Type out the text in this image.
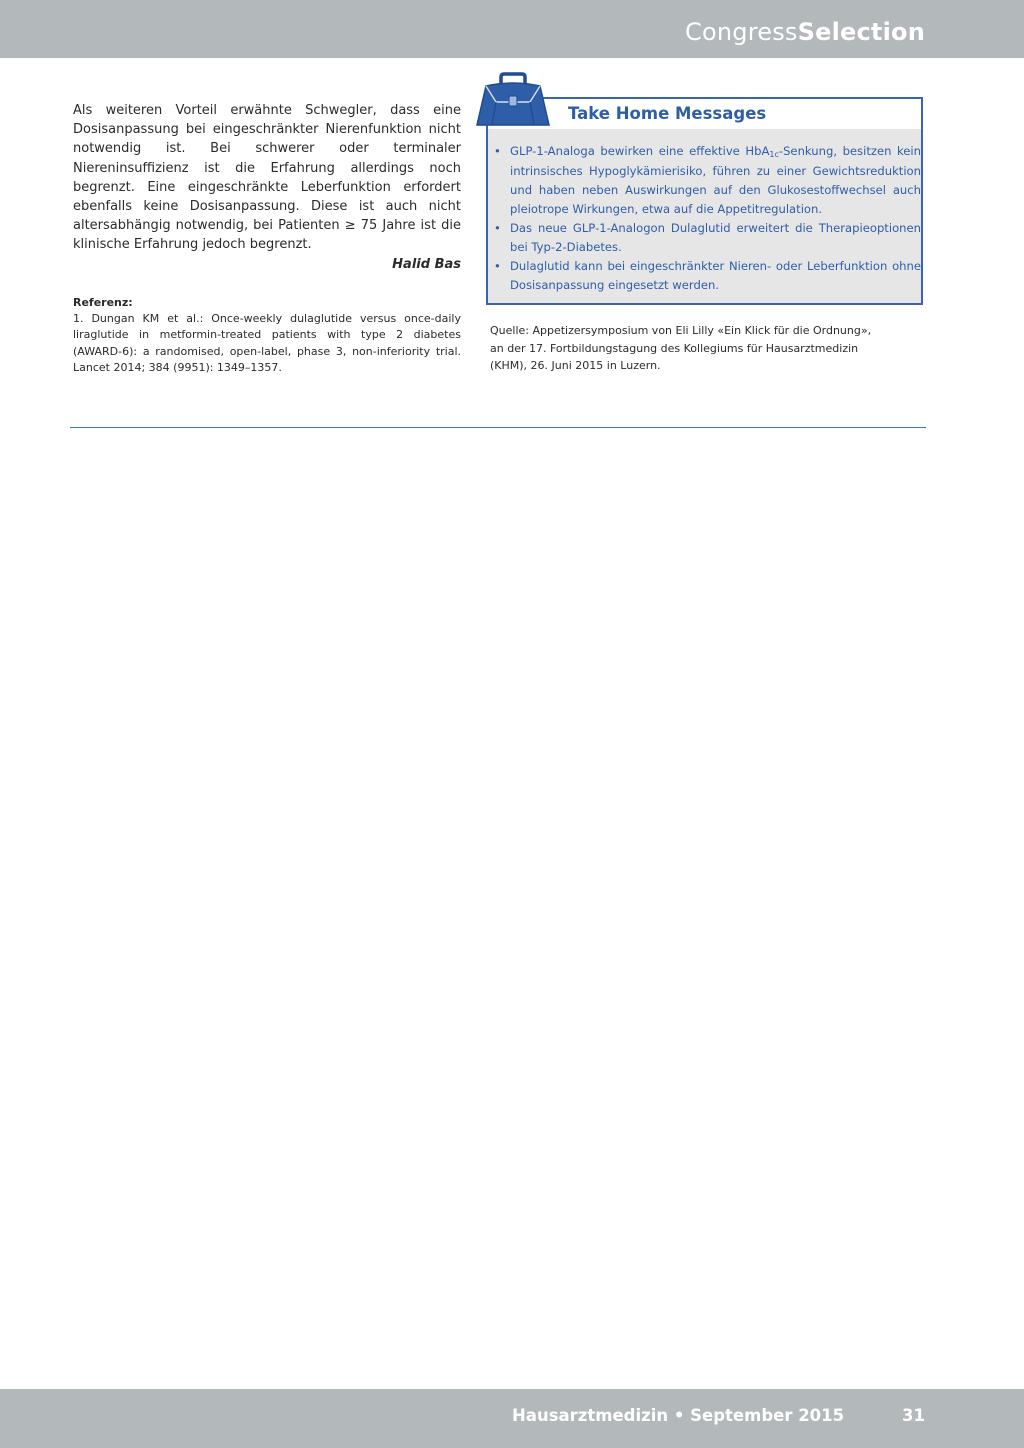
CongressSelection

Als weiteren Vorteil erwähnte Schwegler, dass eine Dosisanpassung bei eingeschränkter Nierenfunktion nicht notwendig ist. Bei schwerer oder terminaler Niereninsuffizienz ist die Erfahrung allerdings noch begrenzt. Eine eingeschränkte Leberfunktion erfordert ebenfalls keine Dosisanpassung. Diese ist auch nicht altersabhängig notwendig, bei Patienten ≥ 75 Jahre ist die klinische Erfahrung jedoch begrenzt.

Halid Bas

Referenz:

1. Dungan KM et al.: Once-weekly dulaglutide versus once-daily liraglutide in metformin-treated patients with type 2 diabetes (AWARD-6): a randomised, open-label, phase 3, non-inferiority trial. Lancet 2014; 384 (9951): 1349–1357.

Take Home Messages
• GLP-1-Analoga bewirken eine effektive HbA$_{1c}$-Senkung, besitzen kein intrinsisches Hypoglykämierisiko, führen zu einer Gewichtsreduktion und haben neben Auswirkungen auf den Glukosestoffwechsel auch pleiotrope Wirkungen, etwa auf die Appetitregulation.
• Das neue GLP-1-Analogon Dulaglutid erweitert die Therapieoptionen bei Typ-2-Diabetes.
• Dulaglutid kann bei eingeschränkter Nieren- oder Leberfunktion ohne Dosisanpassung eingesetzt werden.

Quelle: Appetizersymposium von Eli Lilly «Ein Klick für die Ordnung», an der 17. Fortbildungstagung des Kollegiums für Hausarztmedizin (KHM), 26. Juni 2015 in Luzern.

Hausarztmedizin • September 2015	31
